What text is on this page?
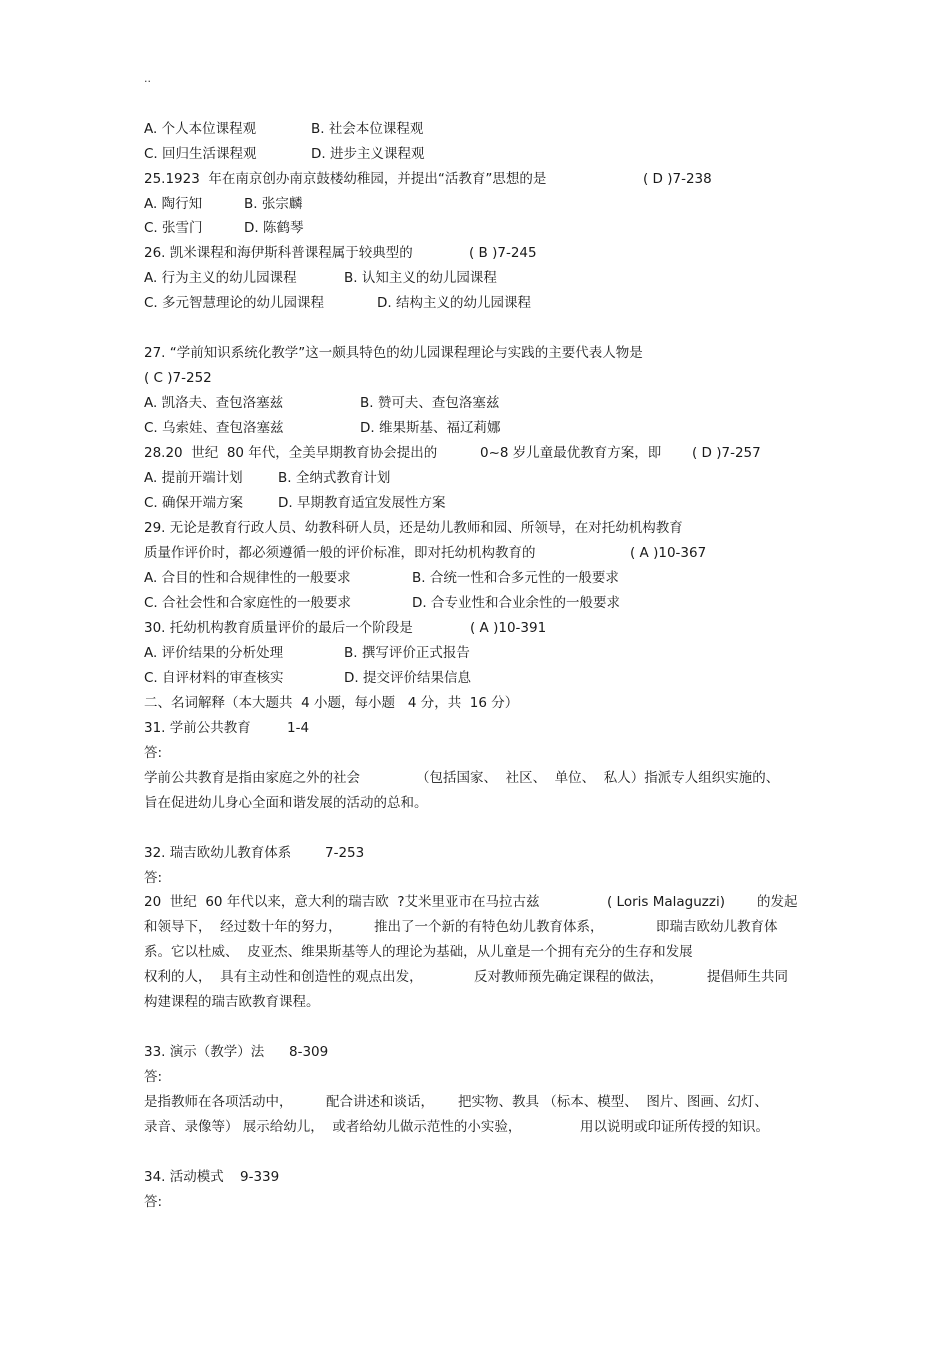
..

A. 个人本位课程观

	B. 社会本位课程观

C. 回归生活课程观

	D. 进步主义课程观

25.1923  年在南京创办南京鼓楼幼稚园，并提出“活教育”思想的是

	( D )7-238

A. 陶行知

	B. 张宗麟

C. 张雪门

	D. 陈鹤琴

26. 凯米课程和海伊斯科普课程属于较典型的

	( B )7-245

A. 行为主义的幼儿园课程

	B. 认知主义的幼儿园课程

C. 多元智慧理论的幼儿园课程

	D. 结构主义的幼儿园课程

27. “学前知识系统化教学”这一颇具特色的幼儿园课程理论与实践的主要代表人物是

( C )7-252

A. 凯洛夫、查包洛塞兹

	B. 赞可夫、查包洛塞兹

C. 乌索娃、查包洛塞兹

	D. 维果斯基、福辽莉娜

28.20  世纪  80 年代，全美早期教育协会提出的

	0~8 岁儿童最优教育方案，即

( D )7-257

A. 提前开端计划

	B. 全纳式教育计划

C. 确保开端方案

	D. 早期教育适宜发展性方案

29. 无论是教育行政人员、幼教科研人员，还是幼儿教师和园、所领导，在对托幼机构教育

质量作评价时，都必须遵循一般的评价标准，即对托幼机构教育的

	( A )10-367

A. 合目的性和合规律性的一般要求

	B. 合统一性和合多元性的一般要求

C. 合社会性和合家庭性的一般要求

	D. 合专业性和合业余性的一般要求

30. 托幼机构教育质量评价的最后一个阶段是

	( A )10-391

A. 评价结果的分析处理

	B. 撰写评价正式报告

C. 自评材料的审查核实

	D. 提交评价结果信息

二、名词解释（本大题共  4 小题，每小题   4 分，共  16 分）

31. 学前公共教育

	1-4

答:

学前公共教育是指由家庭之外的社会

	（包括国家、  社区、  单位、  私人）指派专人组织实施的、

旨在促进幼儿身心全面和谐发展的活动的总和。

32. 瑞吉欧幼儿教育体系

7-253

答:

20  世纪  60 年代以来，意大利的瑞吉欧  ?艾米里亚市在马拉古兹

	( Loris Malaguzzi)

的发起

和领导下，  经过数十年的努力，

推出了一个新的有特色幼儿教育体系，

	即瑞吉欧幼儿教育体

系。它以杜威、  皮亚杰、维果斯基等人的理论为基础，从儿童是一个拥有充分的生存和发展

权利的人，  具有主动性和创造性的观点出发，

	反对教师预先确定课程的做法，

	提倡师生共同

构建课程的瑞吉欧教育课程。

33. 演示（教学）法

8-309

答:

是指教师在各项活动中，

配合讲述和谈话，

把实物、教具 （标本、模型、  图片、图画、幻灯、

录音、录像等） 展示给幼儿，  或者给幼儿做示范性的小实验，

	用以说明或印证所传授的知识。

34. 活动模式

9-339

答:
